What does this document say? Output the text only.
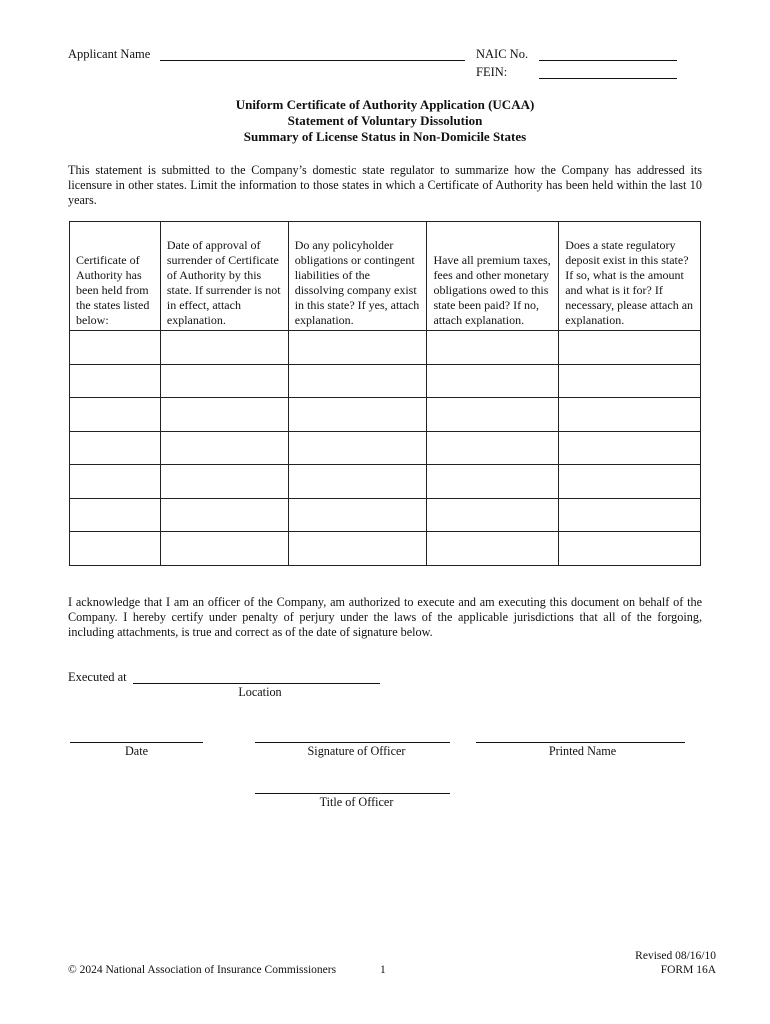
Applicant Name	NAIC No.
FEIN:
Uniform Certificate of Authority Application (UCAA)
Statement of Voluntary Dissolution
Summary of License Status in Non-Domicile States
This statement is submitted to the Company’s domestic state regulator to summarize how the Company has addressed its licensure in other states. Limit the information to those states in which a Certificate of Authority has been held within the last 10 years.
Certificate of Authority has been held from the states listed below:	Date of approval of surrender of Certificate of Authority by this state. If surrender is not in effect, attach explanation.	Do any policyholder obligations or contingent liabilities of the dissolving company exist in this state? If yes, attach explanation.	Have all premium taxes, fees and other monetary obligations owed to this state been paid? If no, attach explanation.	Does a state regulatory deposit exist in this state? If so, what is the amount and what is it for? If necessary, please attach an explanation.

I acknowledge that I am an officer of the Company, am authorized to execute and am executing this document on behalf of the Company. I hereby certify under penalty of perjury under the laws of the applicable jurisdictions that all of the forgoing, including attachments, is true and correct as of the date of signature below.
Executed at
Location
Date	Signature of Officer	Printed Name
Title of Officer
© 2024 National Association of Insurance Commissioners	1
Revised 08/16/10
FORM 16A
